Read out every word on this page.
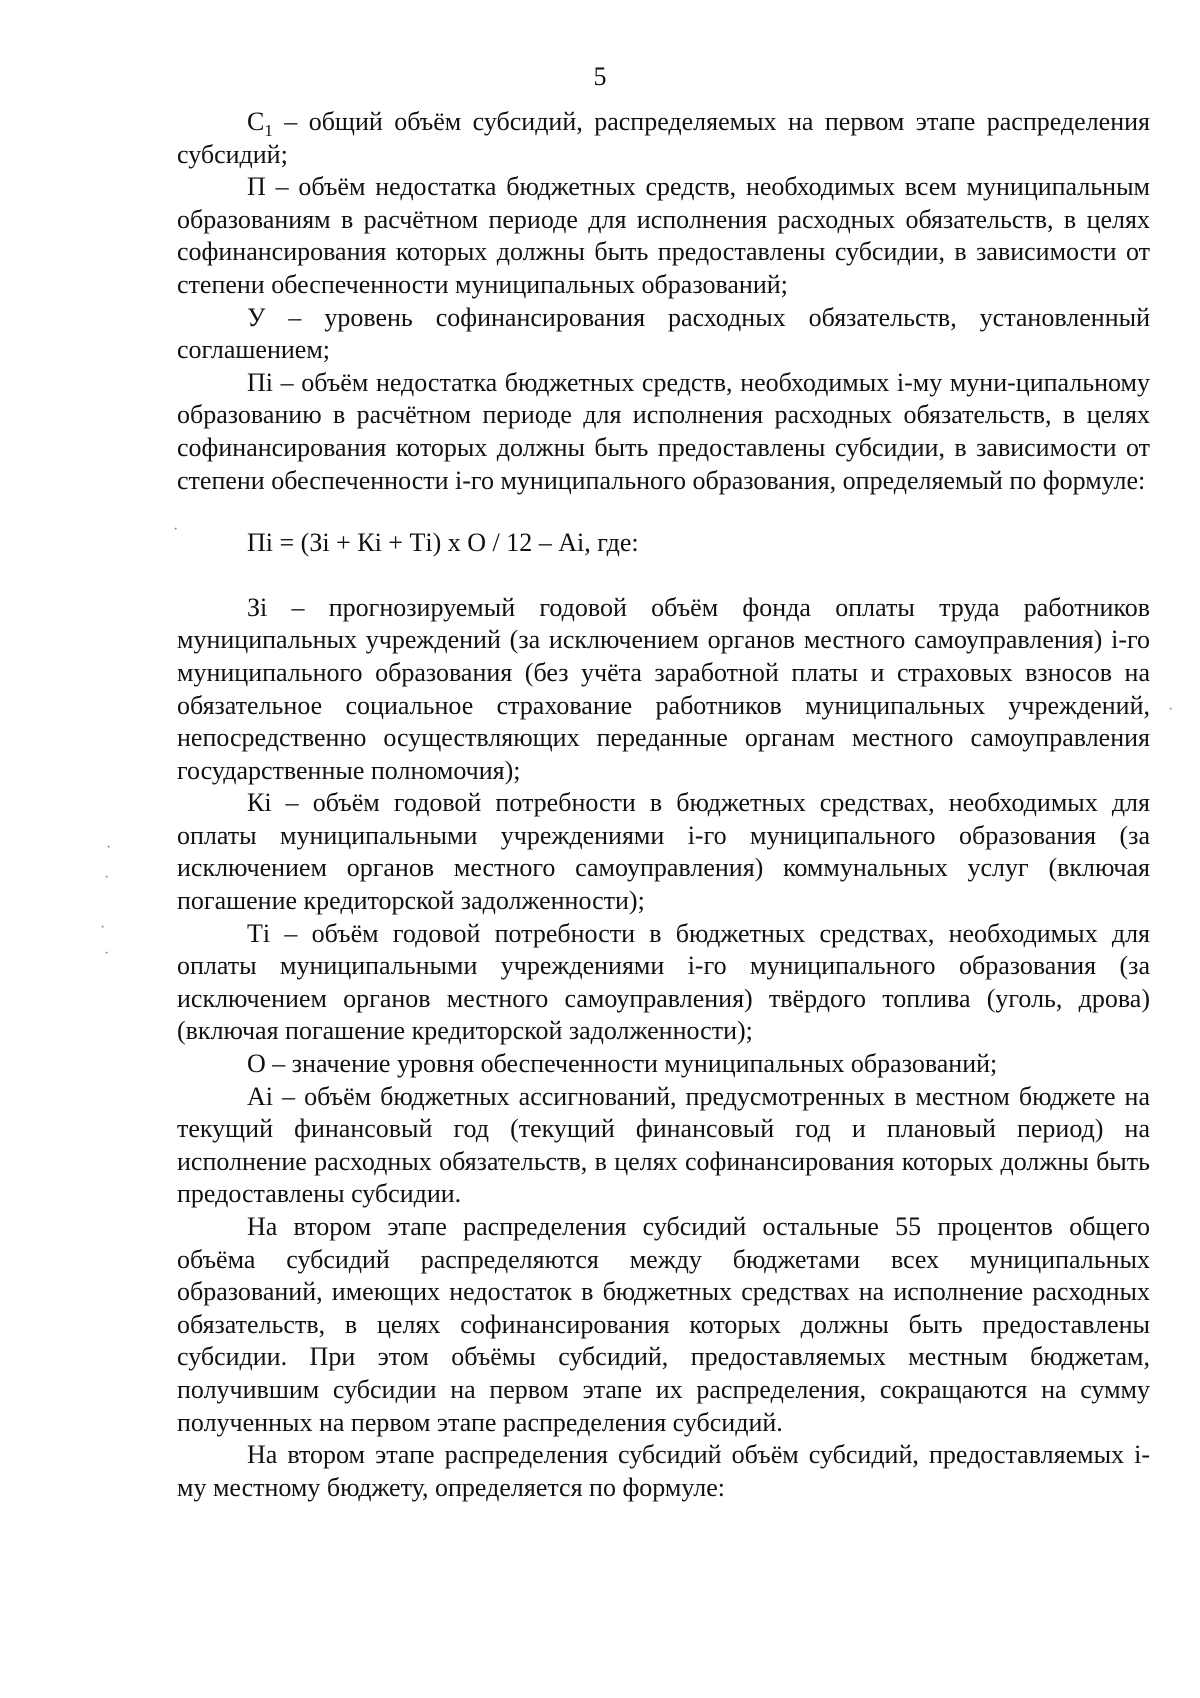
5

$С_1$ – общий объём субсидий, распределяемых на первом этапе распределения субсидий;

П – объём недостатка бюджетных средств, необходимых всем муниципальным образованиям в расчётном периоде для исполнения расходных обязательств, в целях софинансирования которых должны быть предоставлены субсидии, в зависимости от степени обеспеченности муниципальных образований;

У – уровень софинансирования расходных обязательств, установленный соглашением;

Пi – объём недостатка бюджетных средств, необходимых i-му муни-ципальному образованию в расчётном периоде для исполнения расходных обязательств, в целях софинансирования которых должны быть предоставлены субсидии, в зависимости от степени обеспеченности i-го муниципального образования, определяемый по формуле:

Пi = (Зi + Кi + Тi) х О / 12 – Аi, где:

Зi – прогнозируемый годовой объём фонда оплаты труда работников муниципальных учреждений (за исключением органов местного самоуправления) i-го муниципального образования (без учёта заработной платы и страховых взносов на обязательное социальное страхование работников муниципальных учреждений, непосредственно осуществляющих переданные органам местного самоуправления государственные полномочия);

Кi – объём годовой потребности в бюджетных средствах, необходимых для оплаты муниципальными учреждениями i-го муниципального образования (за исключением органов местного самоуправления) коммунальных услуг (включая погашение кредиторской задолженности);

Тi – объём годовой потребности в бюджетных средствах, необходимых для оплаты муниципальными учреждениями i-го муниципального образования (за исключением органов местного самоуправления) твёрдого топлива (уголь, дрова) (включая погашение кредиторской задолженности);

О – значение уровня обеспеченности муниципальных образований;

Аi – объём бюджетных ассигнований, предусмотренных в местном бюджете на текущий финансовый год (текущий финансовый год и плановый период) на исполнение расходных обязательств, в целях софинансирования которых должны быть предоставлены субсидии.

На втором этапе распределения субсидий остальные 55 процентов общего объёма субсидий распределяются между бюджетами всех муниципальных образований, имеющих недостаток в бюджетных средствах на исполнение расходных обязательств, в целях софинансирования которых должны быть предоставлены субсидии. При этом объёмы субсидий, предоставляемых местным бюджетам, получившим субсидии на первом этапе их распределения, сокращаются на сумму полученных на первом этапе распределения субсидий.

На втором этапе распределения субсидий объём субсидий, предоставляемых i-му местному бюджету, определяется по формуле:

·
·
·
·
·
·
